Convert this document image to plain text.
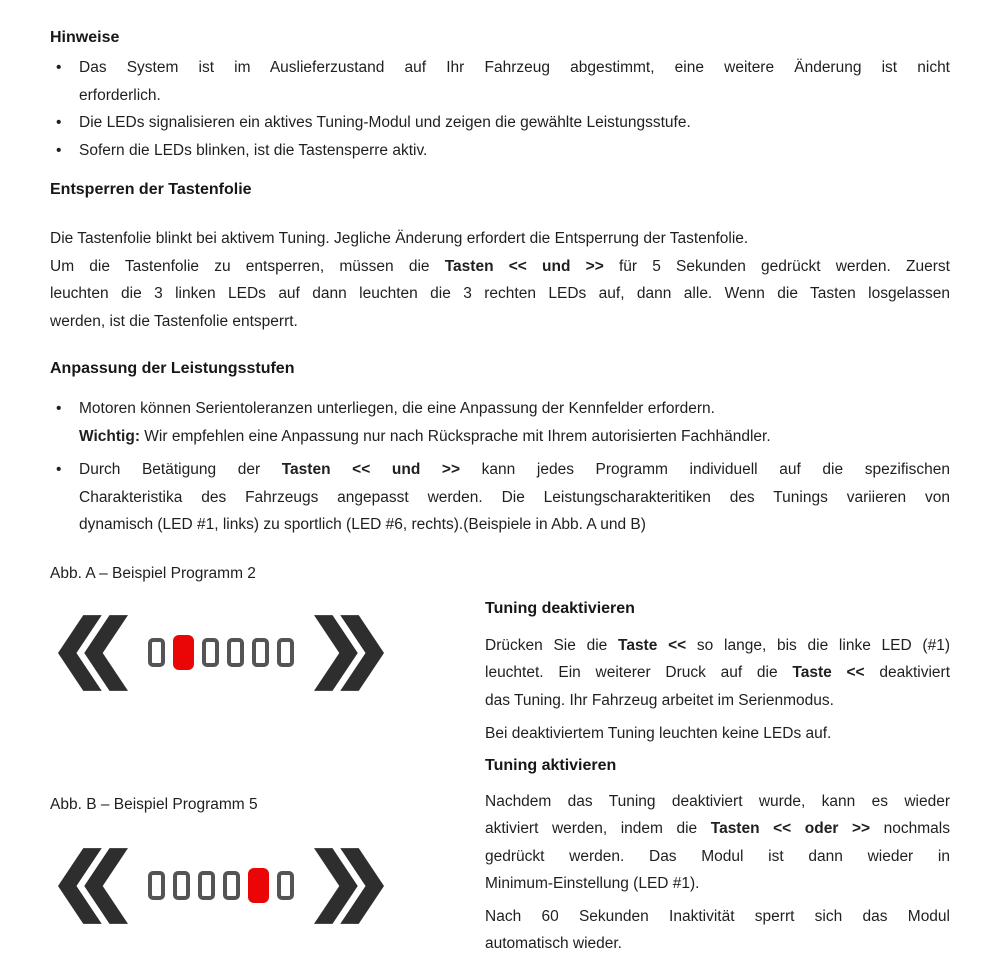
Hinweise
• Das System ist im Auslieferzustand auf Ihr Fahrzeug abgestimmt, eine weitere Änderung ist nicht
erforderlich.
• Die LEDs signalisieren ein aktives Tuning-Modul und zeigen die gewählte Leistungsstufe.
• Sofern die LEDs blinken, ist die Tastensperre aktiv.
Entsperren der Tastenfolie
Die Tastenfolie blinkt bei aktivem Tuning. Jegliche Änderung erfordert die Entsperrung der Tastenfolie.
Um die Tastenfolie zu entsperren, müssen die Tasten << und >> für 5 Sekunden gedrückt werden. Zuerst
leuchten die 3 linken LEDs auf dann leuchten die 3 rechten LEDs auf, dann alle. Wenn die Tasten losgelassen
werden, ist die Tastenfolie entsperrt.
Anpassung der Leistungsstufen
• Motoren können Serientoleranzen unterliegen, die eine Anpassung der Kennfelder erfordern.
Wichtig: Wir empfehlen eine Anpassung nur nach Rücksprache mit Ihrem autorisierten Fachhändler.
• Durch Betätigung der Tasten << und >> kann jedes Programm individuell auf die spezifischen
Charakteristika des Fahrzeugs angepasst werden. Die Leistungscharakteritiken des Tunings variieren von
dynamisch (LED #1, links) zu sportlich (LED #6, rechts).(Beispiele in Abb. A und B)
Abb. A – Beispiel Programm 2
Abb. B – Beispiel Programm 5
Tuning deaktivieren
Drücken Sie die Taste << so lange, bis die linke LED (#1)
leuchtet. Ein weiterer Druck auf die Taste << deaktiviert
das Tuning. Ihr Fahrzeug arbeitet im Serienmodus.
Bei deaktiviertem Tuning leuchten keine LEDs auf.
Tuning aktivieren
Nachdem das Tuning deaktiviert wurde, kann es wieder
aktiviert werden, indem die Tasten << oder >> nochmals
gedrückt werden. Das Modul ist dann wieder in
Minimum-Einstellung (LED #1).
Nach 60 Sekunden Inaktivität sperrt sich das Modul
automatisch wieder.
